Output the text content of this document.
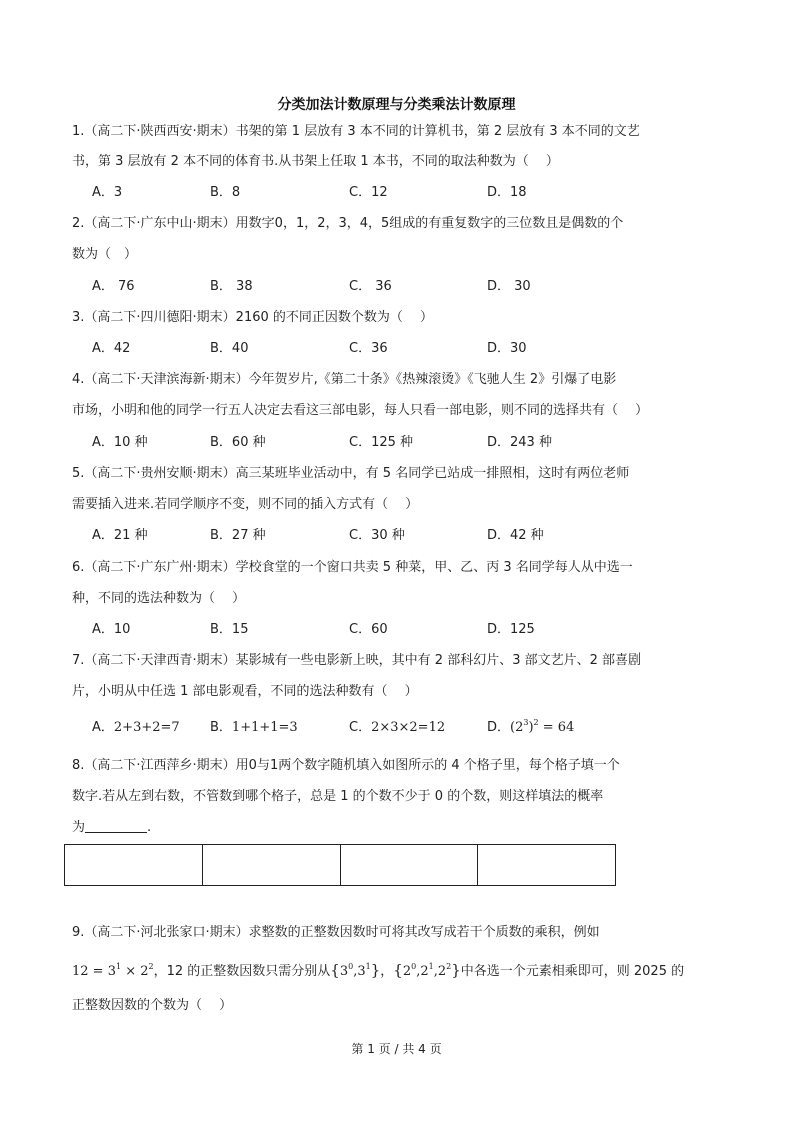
分类加法计数原理与分类乘法计数原理
1.（高二下·陕西西安·期末）书架的第 1 层放有 3 本不同的计算机书，第 2 层放有 3 本不同的文艺
书，第 3 层放有 2 本不同的体育书.从书架上任取 1 本书，不同的取法种数为（　 ）
A．3	B．8	C．12	D．18
2.（高二下·广东中山·期末）用数字0，1，2，3，4，5组成的有重复数字的三位数且是偶数的个
数为（　）
A． 76	B． 38	C． 36	D． 30
3.（高二下·四川德阳·期末）2160 的不同正因数个数为（　 ）
A．42	B．40	C．36	D．30
4.（高二下·天津滨海新·期末）今年贺岁片,《第二十条》《热辣滚烫》《飞驰人生 2》引爆了电影
市场，小明和他的同学一行五人决定去看这三部电影，每人只看一部电影，则不同的选择共有（　 ）
A．10 种	B．60 种	C．125 种	D．243 种
5.（高二下·贵州安顺·期末）高三某班毕业活动中，有 5 名同学已站成一排照相，这时有两位老师
需要插入进来.若同学顺序不变，则不同的插入方式有（　 ）
A．21 种	B．27 种	C．30 种	D．42 种
6.（高二下·广东广州·期末）学校食堂的一个窗口共卖 5 种菜，甲、乙、丙 3 名同学每人从中选一
种，不同的选法种数为（　 ）
A．10	B．15	C．60	D．125
7.（高二下·天津西青·期末）某影城有一些电影新上映，其中有 2 部科幻片、3 部文艺片、2 部喜剧
片，小明从中任选 1 部电影观看，不同的选法种数有（　 ）
A．2+3+2=7 B．1+1+1=3	C．2×3×2=12	D．$(2^3)^2 = 64$
8.（高二下·江西萍乡·期末）用0与1两个数字随机填入如图所示的 4 个格子里，每个格子填一个
数字.若从左到右数，不管数到哪个格子，总是 1 的个数不少于 0 的个数，则这样填法的概率
为	.
9.（高二下·河北张家口·期末）求整数的正整数因数时可将其改写成若干个质数的乘积，例如
$12 = 3^1 \times 2^2$，12 的正整数因数只需分别从$\{3^0,3^1\}$，$\{2^0,2^1,2^2\}$中各选一个元素相乘即可，则 2025 的
正整数因数的个数为（　 ）
第 1 页 / 共 4 页
